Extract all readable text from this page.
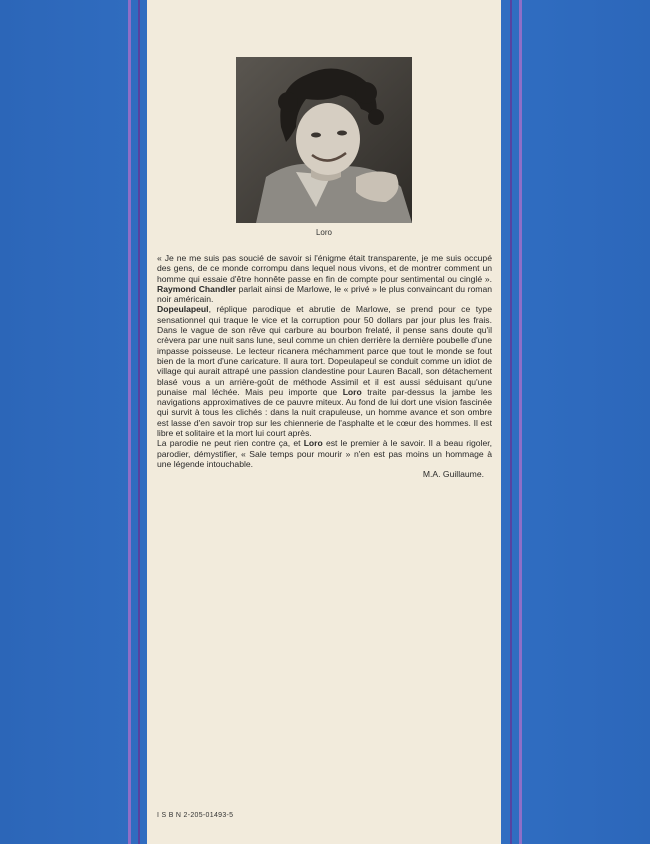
Loro

« Je ne me suis pas soucié de savoir si l'énigme était transparente, je me suis occupé des gens, de ce monde corrompu dans lequel nous vivons, et de montrer comment un homme qui essaie d'être honnête passe en fin de compte pour sentimental ou cinglé ». Raymond Chandler parlait ainsi de Marlowe, le « privé » le plus convaincant du roman noir américain.

Dopeulapeul, réplique parodique et abrutie de Marlowe, se prend pour ce type sensationnel qui traque le vice et la corruption pour 50 dollars par jour plus les frais. Dans le vague de son rêve qui carbure au bourbon frelaté, il pense sans doute qu'il crèvera par une nuit sans lune, seul comme un chien derrière la dernière poubelle d'une impasse poisseuse. Le lecteur ricanera méchamment parce que tout le monde se fout bien de la mort d'une caricature. Il aura tort. Dopeulapeul se conduit comme un idiot de village qui aurait attrapé une passion clandestine pour Lauren Bacall, son détachement blasé vous a un arrière-goût de méthode Assimil et il est aussi séduisant qu'une punaise mal léchée. Mais peu importe que Loro traite par-dessus la jambe les navigations approximatives de ce pauvre miteux. Au fond de lui dort une vision fascinée qui survit à tous les clichés : dans la nuit crapuleuse, un homme avance et son ombre est lasse d'en savoir trop sur les chiennerie de l'asphalte et le cœur des hommes. Il est libre et solitaire et la mort lui court après.

La parodie ne peut rien contre ça, et Loro est le premier à le savoir. Il a beau rigoler, parodier, démystifier, « Sale temps pour mourir » n'en est pas moins un hommage à une légende intouchable.

M.A. Guillaume.

I S B N 2-205-01493-5
